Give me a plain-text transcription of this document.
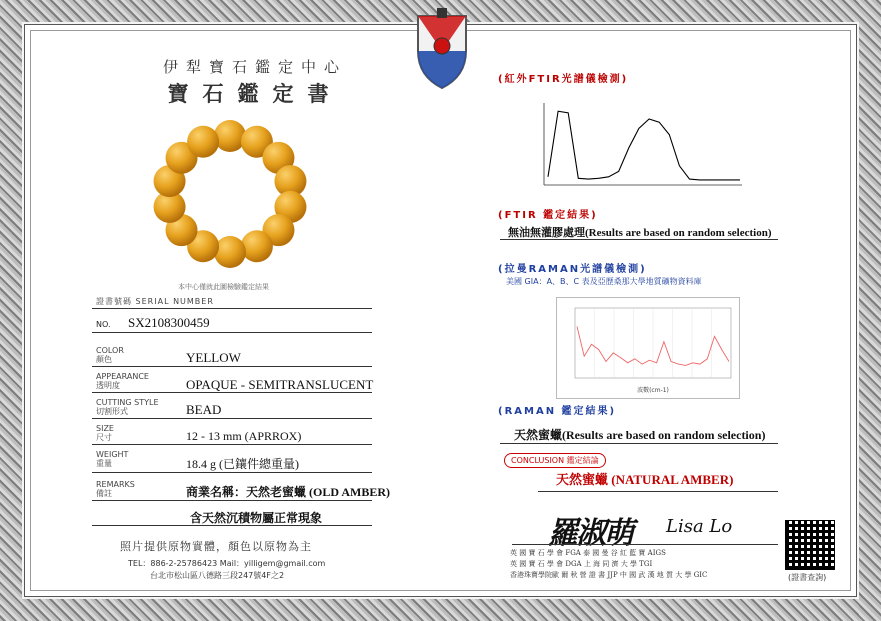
伊犁寶石鑑定中心
寶石鑑定書
本中心僅就此圖檢驗鑑定結果
證書號碼 SERIAL NUMBER
NO. SX2108300459
COLOR
顏色	YELLOW
APPEARANCE
透明度	OPAQUE - SEMITRANSLUCENT
CUTTING STYLE
切割形式	BEAD
SIZE
尺寸	12 - 13 mm (APRROX)
WEIGHT
重量	18.4 g (已鑲件總重量)
REMARKS
備註	商業名稱：天然老蜜蠟 (OLD AMBER)
含天然沉積物屬正常現象
照片提供原物實體，顏色以原物為主
TEL：886-2-25786423 Mail：yilligem@gmail.com
台北市松山區八德路三段247號4F之2
(紅外FTIR光譜儀檢測)
(FTIR 鑑定結果)
無油無灌膠處理(Results are based on random selection)
(拉曼RAMAN光譜儀檢測)
美國 GIA：A、B、C 表及亞歷桑那大學地質礦物資料庫
波數(cm-1)
(RAMAN 鑑定結果)
天然蜜蠟(Results are based on random selection)
CONCLUSION 鑑定結論
天然蜜蠟 (NATURAL AMBER)
羅淑萌 Lisa Lo
英 國 寶 石 學 會 FGA 泰 國 曼 谷 紅 藍 寶 AIGS
英 國 寶 石 學 會 DGA 上 海 同 濟 大 學 TGI
香港珠寶學院歐 爾 秋 營 證 書 JJP 中 國 武 漢 地 質 大 學 GIC	(證書查詢)
